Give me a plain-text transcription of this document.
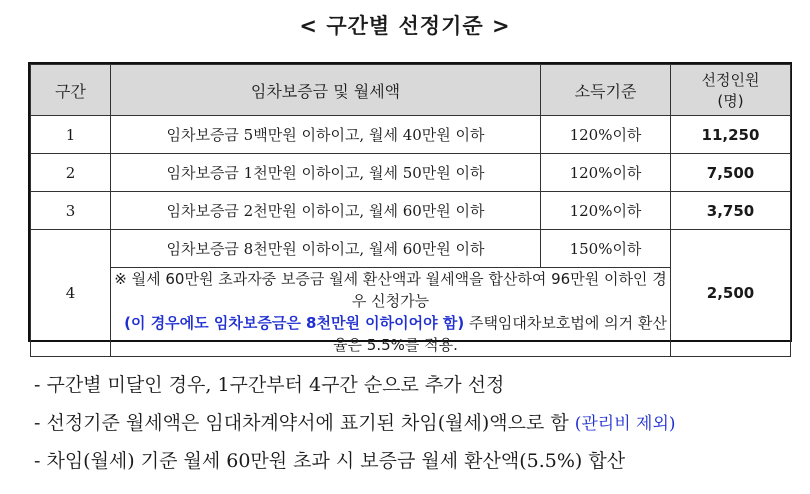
< 구간별 선정기준 >
구간	임차보증금 및 월세액	소득기준	선정인원
(명)

1	임차보증금 5백만원 이하이고, 월세 40만원 이하	120%이하	11,250
2	임차보증금 1천만원 이하이고, 월세 50만원 이하	120%이하	7,500
3	임차보증금 2천만원 이하이고, 월세 60만원 이하	120%이하	3,750
4	임차보증금 8천만원 이하이고, 월세 60만원 이하	150%이하	2,500

	※ 월세 60만원 초과자중 보증금 월세 환산액과 월세액을 합산하여 96만원 이하인 경우 신청가능
(이 경우에도 임차보증금은 8천만원 이하이어야 함) 주택임대차보호법에 의거 환산율은 5.5%를 적용.		
- 구간별 미달인 경우, 1구간부터 4구간 순으로 추가 선정
- 선정기준 월세액은 임대차계약서에 표기된 차임(월세)액으로 함 (관리비 제외)
- 차임(월세) 기준 월세 60만원 초과 시 보증금 월세 환산액(5.5%) 합산
